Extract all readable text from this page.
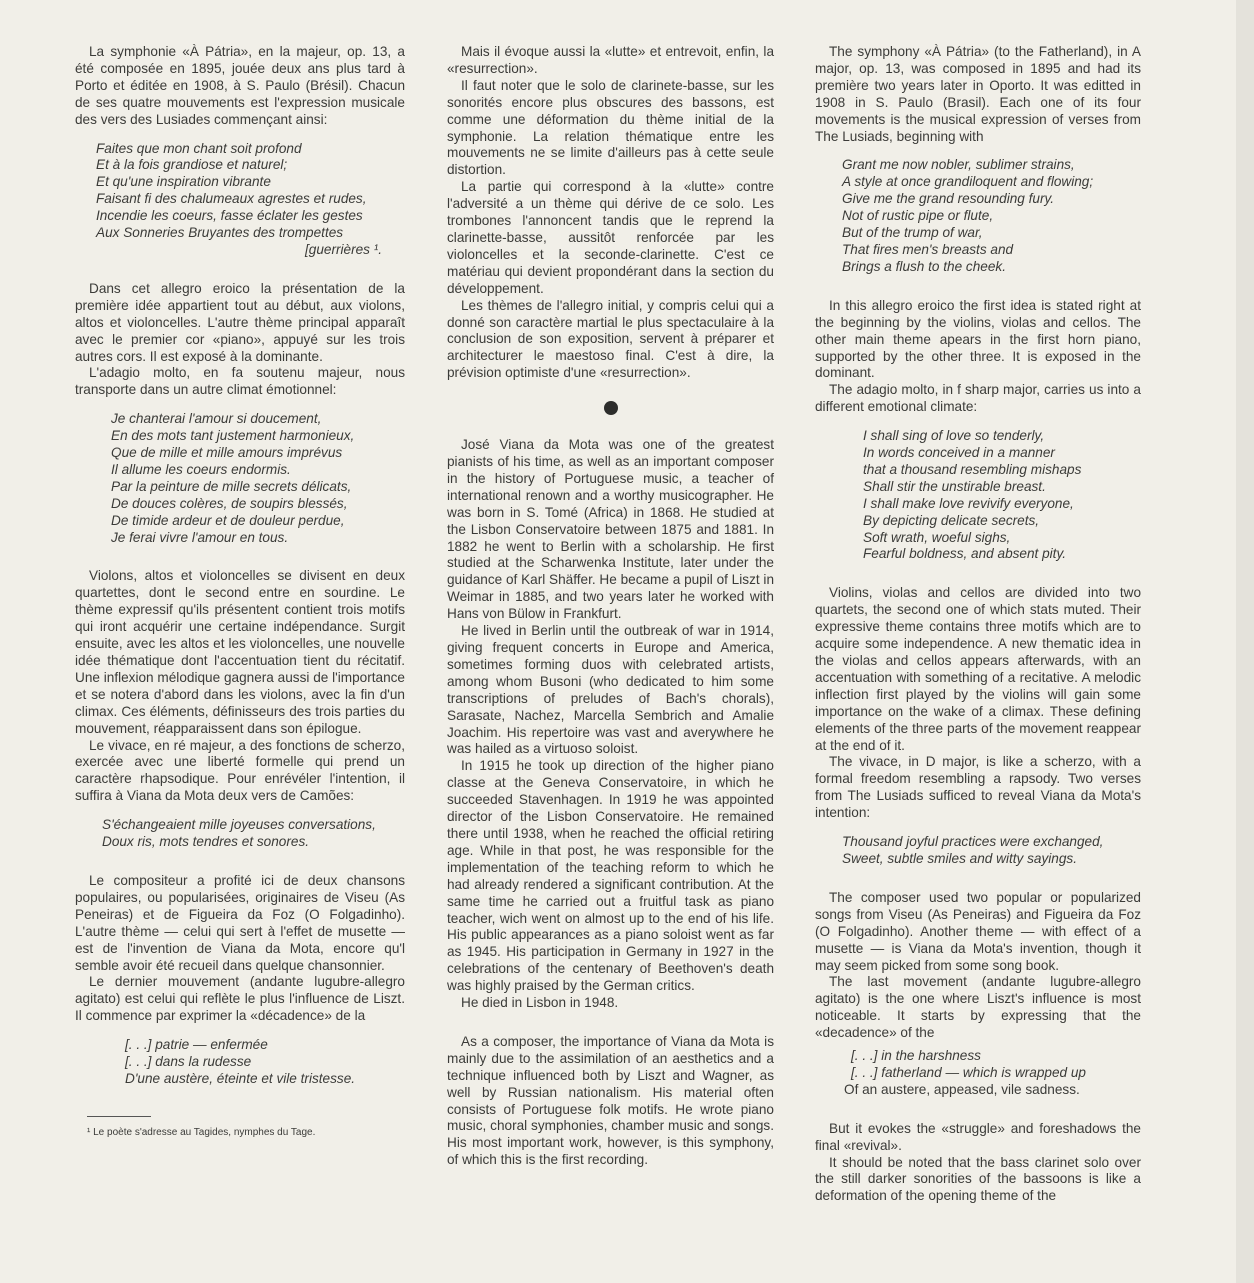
La symphonie «À Pátria», en la majeur, op. 13, a été composée en 1895, jouée deux ans plus tard à Porto et éditée en 1908, à S. Paulo (Brésil). Chacun de ses quatre mouvements est l'expression musicale des vers des Lusiades commençant ainsi:

Faites que mon chant soit profond
Et à la fois grandiose et naturel;
Et qu'une inspiration vibrante
Faisant fi des chalumeaux agrestes et rudes,
Incendie les coeurs, fasse éclater les gestes
Aux Sonneries Bruyantes des trompettes
[guerrières ¹.

Dans cet allegro eroico la présentation de la première idée appartient tout au début, aux violons, altos et violoncelles. L'autre thème principal apparaît avec le premier cor «piano», appuyé sur les trois autres cors. Il est exposé à la dominante.

L'adagio molto, en fa soutenu majeur, nous transporte dans un autre climat émotionnel:

Je chanterai l'amour si doucement,
En des mots tant justement harmonieux,
Que de mille et mille amours imprévus
Il allume les coeurs endormis.
Par la peinture de mille secrets délicats,
De douces colères, de soupirs blessés,
De timide ardeur et de douleur perdue,
Je ferai vivre l'amour en tous.

Violons, altos et violoncelles se divisent en deux quartettes, dont le second entre en sourdine. Le thème expressif qu'ils présentent contient trois motifs qui iront acquérir une certaine indépendance. Surgit ensuite, avec les altos et les violoncelles, une nouvelle idée thématique dont l'accentuation tient du récitatif. Une inflexion mélodique gagnera aussi de l'importance et se notera d'abord dans les violons, avec la fin d'un climax. Ces éléments, définisseurs des trois parties du mouvement, réapparaissent dans son épilogue.

Le vivace, en ré majeur, a des fonctions de scherzo, exercée avec une liberté formelle qui prend un caractère rhapsodique. Pour enrévéler l'intention, il suffira à Viana da Mota deux vers de Camões:

S'échangeaient mille joyeuses conversations,
Doux ris, mots tendres et sonores.

Le compositeur a profité ici de deux chansons populaires, ou popularisées, originaires de Viseu (As Peneiras) et de Figueira da Foz (O Folgadinho). L'autre thème — celui qui sert à l'effet de musette — est de l'invention de Viana da Mota, encore qu'l semble avoir été recueil dans quelque chansonnier.

Le dernier mouvement (andante lugubre-allegro agitato) est celui qui reflète le plus l'influence de Liszt. Il commence par exprimer la «décadence» de la

[. . .] patrie — enfermée
[. . .] dans la rudesse
D'une austère, éteinte et vile tristesse.
¹ Le poète s'adresse au Tagides, nymphes du Tage.

Mais il évoque aussi la «lutte» et entrevoit, enfin, la «resurrection».

Il faut noter que le solo de clarinete-basse, sur les sonorités encore plus obscures des bassons, est comme une déformation du thème initial de la symphonie. La relation thématique entre les mouvements ne se limite d'ailleurs pas à cette seule distortion.

La partie qui correspond à la «lutte» contre l'adversité a un thème qui dérive de ce solo. Les trombones l'annoncent tandis que le reprend la clarinette-basse, aussitôt renforcée par les violoncelles et la seconde-clarinette. C'est ce matériau qui devient propondérant dans la section du développement.

Les thèmes de l'allegro initial, y compris celui qui a donné son caractère martial le plus spectaculaire à la conclusion de son exposition, servent à préparer et architecturer le maestoso final. C'est à dire, la prévision optimiste d'une «resurrection».

José Viana da Mota was one of the greatest pianists of his time, as well as an important composer in the history of Portuguese music, a teacher of international renown and a worthy musicographer. He was born in S. Tomé (Africa) in 1868. He studied at the Lisbon Conservatoire between 1875 and 1881. In 1882 he went to Berlin with a scholarship. He first studied at the Scharwenka Institute, later under the guidance of Karl Shäffer. He became a pupil of Liszt in Weimar in 1885, and two years later he worked with Hans von Bülow in Frankfurt.

He lived in Berlin until the outbreak of war in 1914, giving frequent concerts in Europe and America, sometimes forming duos with celebrated artists, among whom Busoni (who dedicated to him some transcriptions of preludes of Bach's chorals), Sarasate, Nachez, Marcella Sembrich and Amalie Joachim. His repertoire was vast and averywhere he was hailed as a virtuoso soloist.

In 1915 he took up direction of the higher piano classe at the Geneva Conservatoire, in which he succeeded Stavenhagen. In 1919 he was appointed director of the Lisbon Conservatoire. He remained there until 1938, when he reached the official retiring age. While in that post, he was responsible for the implementation of the teaching reform to which he had already rendered a significant contribution. At the same time he carried out a fruitful task as piano teacher, wich went on almost up to the end of his life. His public appearances as a piano soloist went as far as 1945. His participation in Germany in 1927 in the celebrations of the centenary of Beethoven's death was highly praised by the German critics.

He died in Lisbon in 1948.

As a composer, the importance of Viana da Mota is mainly due to the assimilation of an aesthetics and a technique influenced both by Liszt and Wagner, as well by Russian nationalism. His material often consists of Portuguese folk motifs. He wrote piano music, choral symphonies, chamber music and songs. His most important work, however, is this symphony, of which this is the first recording.

The symphony «À Pátria» (to the Fatherland), in A major, op. 13, was composed in 1895 and had its première two years later in Oporto. It was editted in 1908 in S. Paulo (Brasil). Each one of its four movements is the musical expression of verses from The Lusiads, beginning with

Grant me now nobler, sublimer strains,
A style at once grandiloquent and flowing;
Give me the grand resounding fury.
Not of rustic pipe or flute,
But of the trump of war,
That fires men's breasts and
Brings a flush to the cheek.

In this allegro eroico the first idea is stated right at the beginning by the violins, violas and cellos. The other main theme apears in the first horn piano, supported by the other three. It is exposed in the dominant.

The adagio molto, in f sharp major, carries us into a different emotional climate:

I shall sing of love so tenderly,
In words conceived in a manner
that a thousand resembling mishaps
Shall stir the unstirable breast.
I shall make love revivify everyone,
By depicting delicate secrets,
Soft wrath, woeful sighs,
Fearful boldness, and absent pity.

Violins, violas and cellos are divided into two quartets, the second one of which stats muted. Their expressive theme contains three motifs which are to acquire some independence. A new thematic idea in the violas and cellos appears afterwards, with an accentuation with something of a recitative. A melodic inflection first played by the violins will gain some importance on the wake of a climax. These defining elements of the three parts of the movement reappear at the end of it.

The vivace, in D major, is like a scherzo, with a formal freedom resembling a rapsody. Two verses from The Lusiads sufficed to reveal Viana da Mota's intention:

Thousand joyful practices were exchanged,
Sweet, subtle smiles and witty sayings.

The composer used two popular or popularized songs from Viseu (As Peneiras) and Figueira da Foz (O Folgadinho). Another theme — with effect of a musette — is Viana da Mota's invention, though it may seem picked from some song book.

The last movement (andante lugubre-allegro agitato) is the one where Liszt's influence is most noticeable. It starts by expressing that the «decadence» of the

[. . .] in the harshness
[. . .] fatherland — which is wrapped up
Of an austere, appeased, vile sadness.

But it evokes the «struggle» and foreshadows the final «revival».

It should be noted that the bass clarinet solo over the still darker sonorities of the bassoons is like a deformation of the opening theme of the
